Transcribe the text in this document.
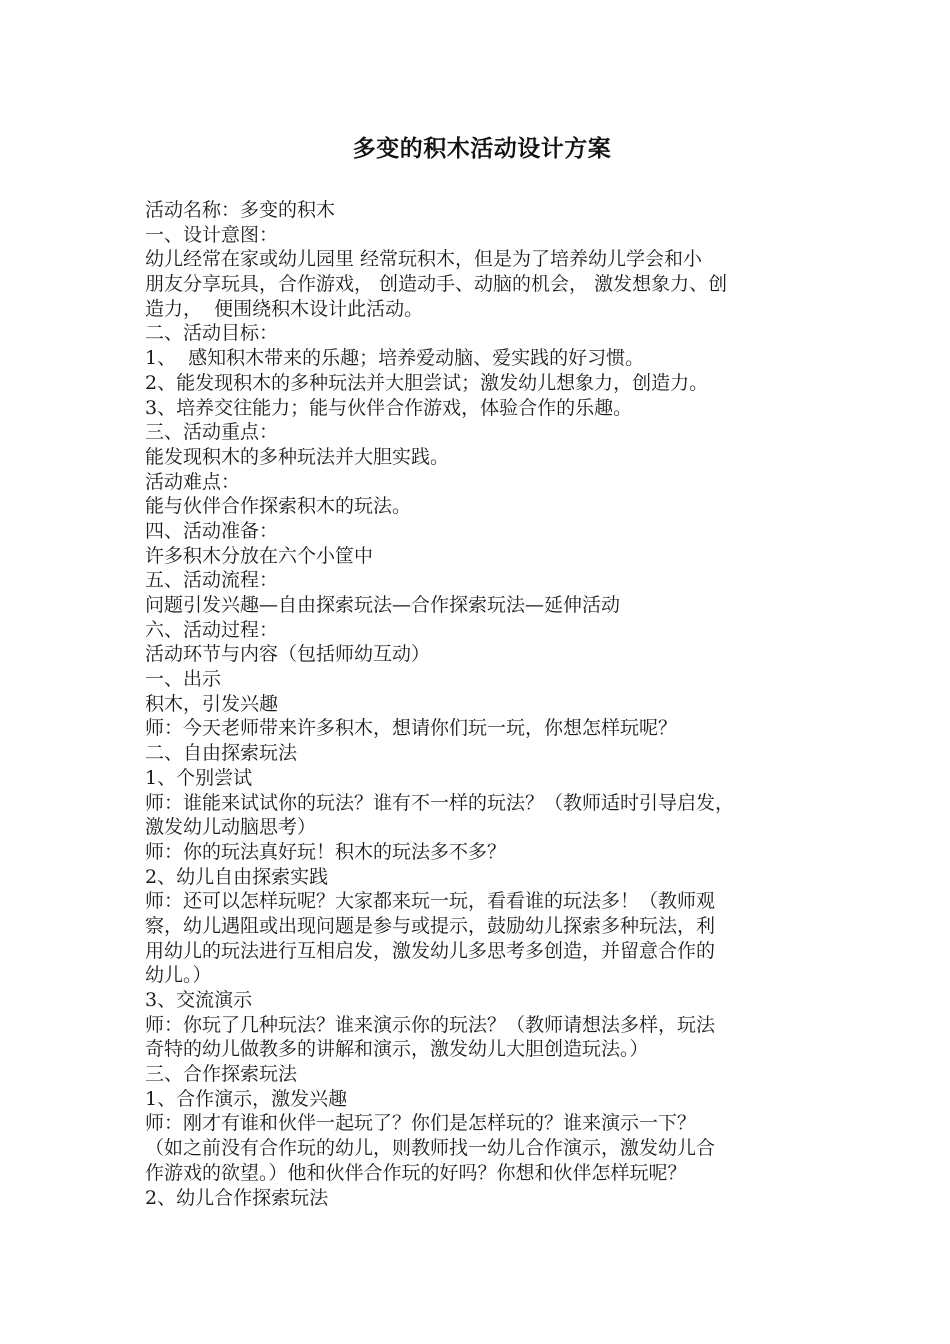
多变的积木活动设计方案
活动名称：多变的积木
一、设计意图：
幼儿经常在家或幼儿园里 经常玩积木，但是为了培养幼儿学会和小
朋友分享玩具，合作游戏， 创造动手、动脑的机会， 激发想象力、创
造力，  便围绕积木设计此活动。
二、活动目标：
1、  感知积木带来的乐趣；培养爱动脑、爱实践的好习惯。
2、能发现积木的多种玩法并大胆尝试；激发幼儿想象力，创造力。
3、培养交往能力；能与伙伴合作游戏，体验合作的乐趣。
三、活动重点：
能发现积木的多种玩法并大胆实践。
活动难点：
能与伙伴合作探索积木的玩法。
四、活动准备：
许多积木分放在六个小筐中
五、活动流程：
问题引发兴趣—自由探索玩法—合作探索玩法—延伸活动
六、活动过程：
活动环节与内容（包括师幼互动）
一、出示
积木，引发兴趣
师：今天老师带来许多积木，想请你们玩一玩，你想怎样玩呢？
二、自由探索玩法
1、个别尝试
师：谁能来试试你的玩法？谁有不一样的玩法？（教师适时引导启发，
激发幼儿动脑思考）
师：你的玩法真好玩！积木的玩法多不多？
2、幼儿自由探索实践
师：还可以怎样玩呢？大家都来玩一玩，看看谁的玩法多！（教师观
察，幼儿遇阻或出现问题是参与或提示，鼓励幼儿探索多种玩法，利
用幼儿的玩法进行互相启发，激发幼儿多思考多创造，并留意合作的
幼儿。）
3、交流演示
师：你玩了几种玩法？谁来演示你的玩法？（教师请想法多样，玩法
奇特的幼儿做教多的讲解和演示，激发幼儿大胆创造玩法。）
三、合作探索玩法
1、合作演示，激发兴趣
师：刚才有谁和伙伴一起玩了？你们是怎样玩的？谁来演示一下？
（如之前没有合作玩的幼儿，则教师找一幼儿合作演示，激发幼儿合
作游戏的欲望。）他和伙伴合作玩的好吗？你想和伙伴怎样玩呢？
2、幼儿合作探索玩法
